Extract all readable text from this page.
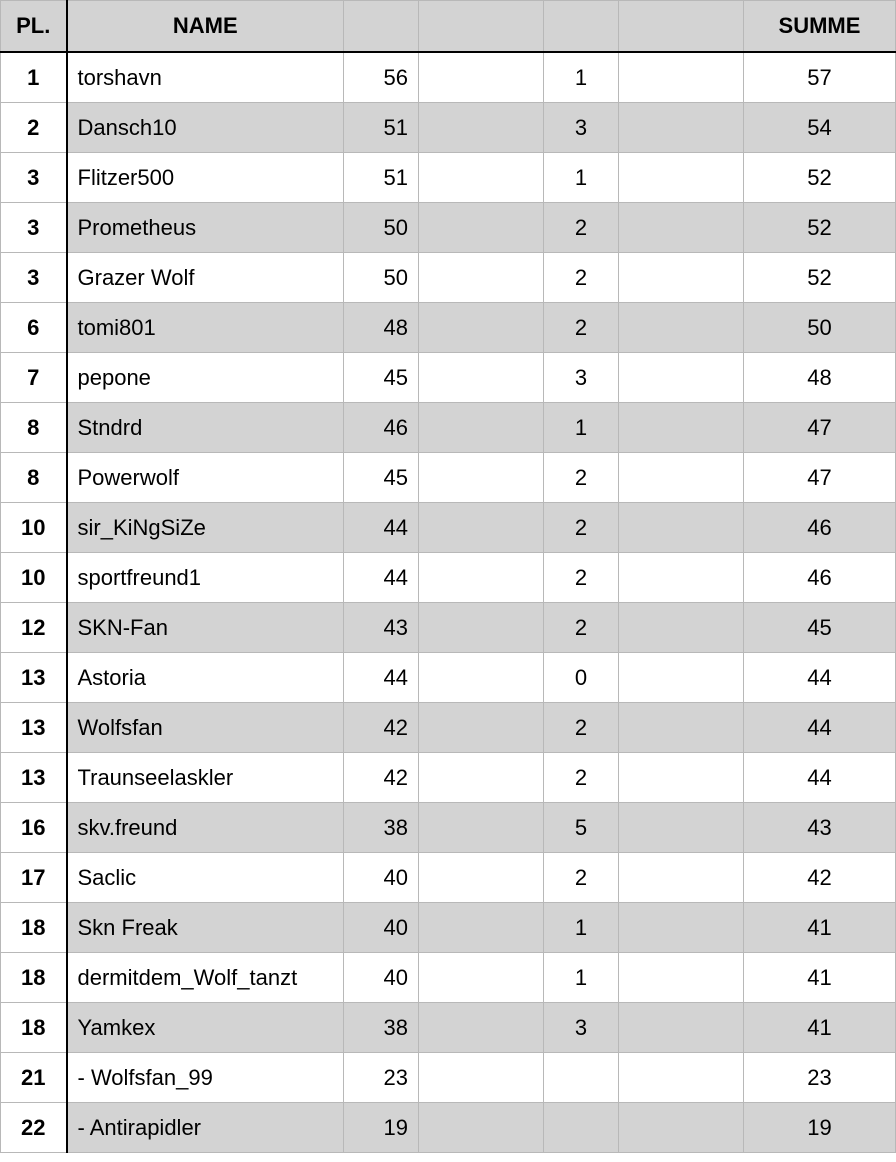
PL.	NAME					SUMME
1	torshavn	56		1		57
2	Dansch10	51		3		54
3	Flitzer500	51		1		52
3	Prometheus	50		2		52
3	Grazer Wolf	50		2		52
6	tomi801	48		2		50
7	pepone	45		3		48
8	Stndrd	46		1		47
8	Powerwolf	45		2		47
10	sir_KiNgSiZe	44		2		46
10	sportfreund1	44		2		46
12	SKN-Fan	43		2		45
13	Astoria	44		0		44
13	Wolfsfan	42		2		44
13	Traunseelaskler	42		2		44
16	skv.freund	38		5		43
17	Saclic	40		2		42
18	Skn Freak	40		1		41
18	dermitdem_Wolf_tanzt	40		1		41
18	Yamkex	38		3		41
21	- Wolfsfan_99	23				23
22	- Antirapidler	19				19
